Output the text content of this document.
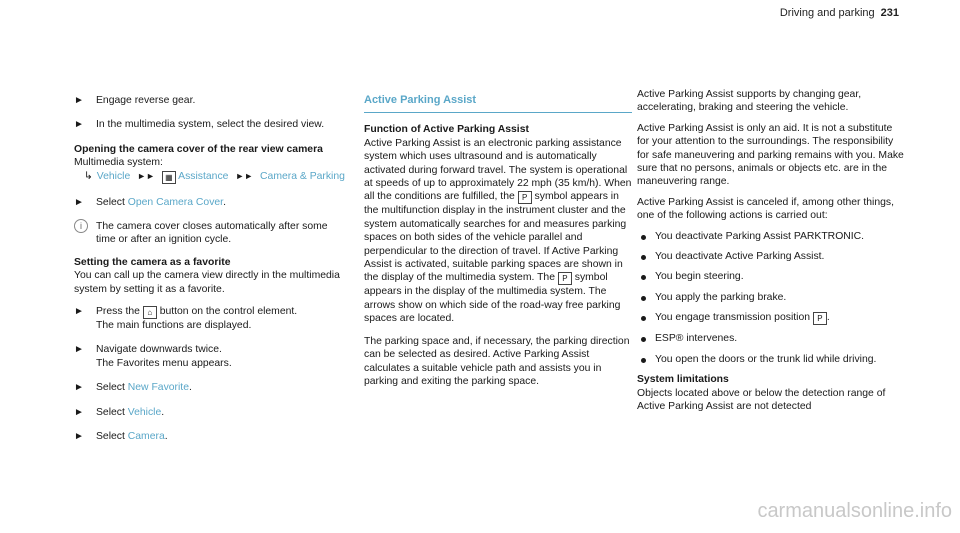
Driving and parking 231
► Engage reverse gear.
► In the multimedia system, select the desired view.

Opening the camera cover of the rear view camera

Multimedia system:
↳ Vehicle ►► ▦ Assistance ►► Camera & Parking
► Select Open Camera Cover.
i	The camera cover closes automatically after some time or after an ignition cycle.

Setting the camera as a favorite

You can call up the camera view directly in the multimedia system by setting it as a favorite.

► Press the ⌂ button on the control element.
The main functions are displayed.
► Navigate downwards twice.
The Favorites menu appears.
► Select New Favorite.
► Select Vehicle.
► Select Camera.
Active Parking Assist

Function of Active Parking Assist

Active Parking Assist is an electronic parking assistance system which uses ultrasound and is automatically activated during forward travel. The system is operational at speeds of up to approximately 22 mph (35 km/h). When all the conditions are fulfilled, the P symbol appears in the multifunction display in the instrument cluster and the system automatically searches for and measures parking spaces on both sides of the vehicle parallel and perpendicular to the direction of travel. If Active Parking Assist is activated, suitable parking spaces are shown in the display of the multimedia system. The P symbol appears in the display of the multimedia system. The arrows show on which side of the road-way free parking spaces are located.

The parking space and, if necessary, the parking direction can be selected as desired. Active Parking Assist calculates a suitable vehicle path and assists you in parking and exiting the parking space.

Active Parking Assist supports by changing gear, accelerating, braking and steering the vehicle.

Active Parking Assist is only an aid. It is not a substitute for your attention to the surroundings. The responsibility for safe maneuvering and parking remains with you. Make sure that no persons, animals or objects etc. are in the maneuvering range.

Active Parking Assist is canceled if, among other things, one of the following actions is carried out:

You deactivate Parking Assist PARKTRONIC.
You deactivate Active Parking Assist.
You begin steering.
You apply the parking brake.
You engage transmission position P .
ESP® intervenes.
You open the doors or the trunk lid while driving.

System limitations

Objects located above or below the detection range of Active Parking Assist are not detected

carmanualsonline.info
